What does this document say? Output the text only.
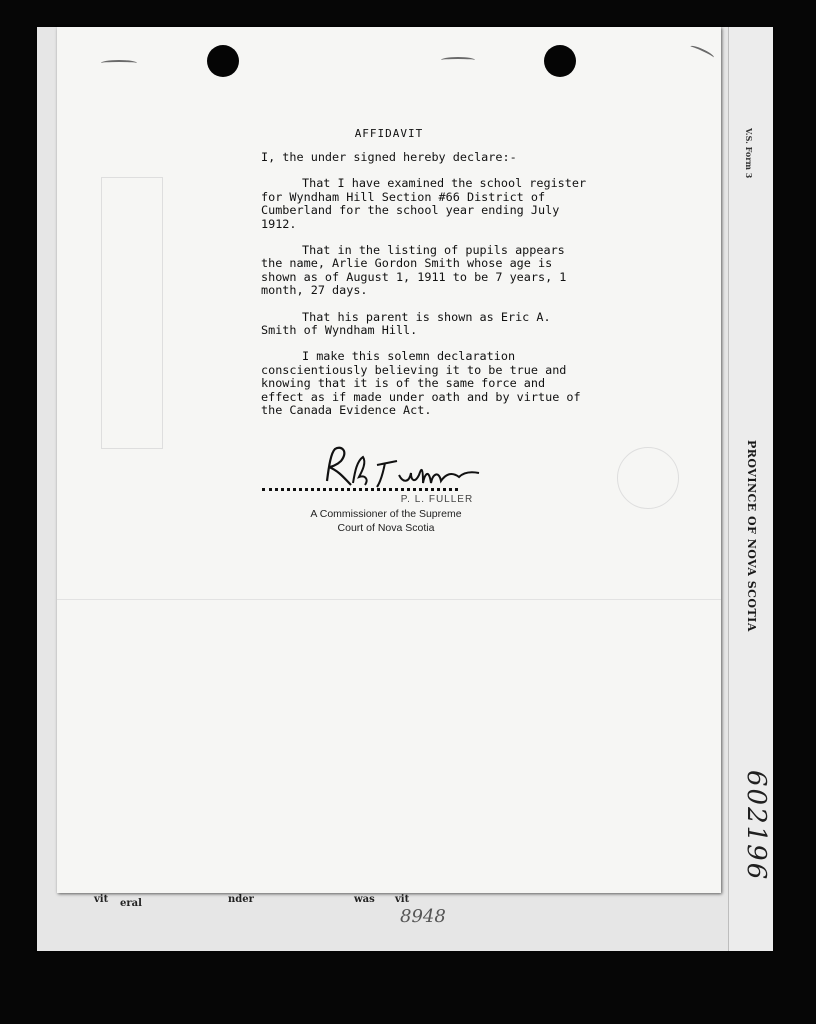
V.S. Form 3
PROVINCE OF NOVA SCOTIA
602196
vit eral	nder	was vit
8948
AFFIDAVIT

I, the under signed hereby declare:-

That I have examined the school register for Wyndham Hill Section #66 District of Cumberland for the school year ending July 1912.

That in the listing of pupils appears the name, Arlie Gordon Smith whose age is shown as of August 1, 1911 to be 7 years, 1 month, 27 days.

That his parent is shown as Eric A. Smith of Wyndham Hill.

I make this solemn declaration conscientiously believing it to be true and knowing that it is of the same force and effect as if made under oath and by virtue of the Canada Evidence Act.

P. L. FULLER
A Commissioner of the Supreme
Court of Nova Scotia
